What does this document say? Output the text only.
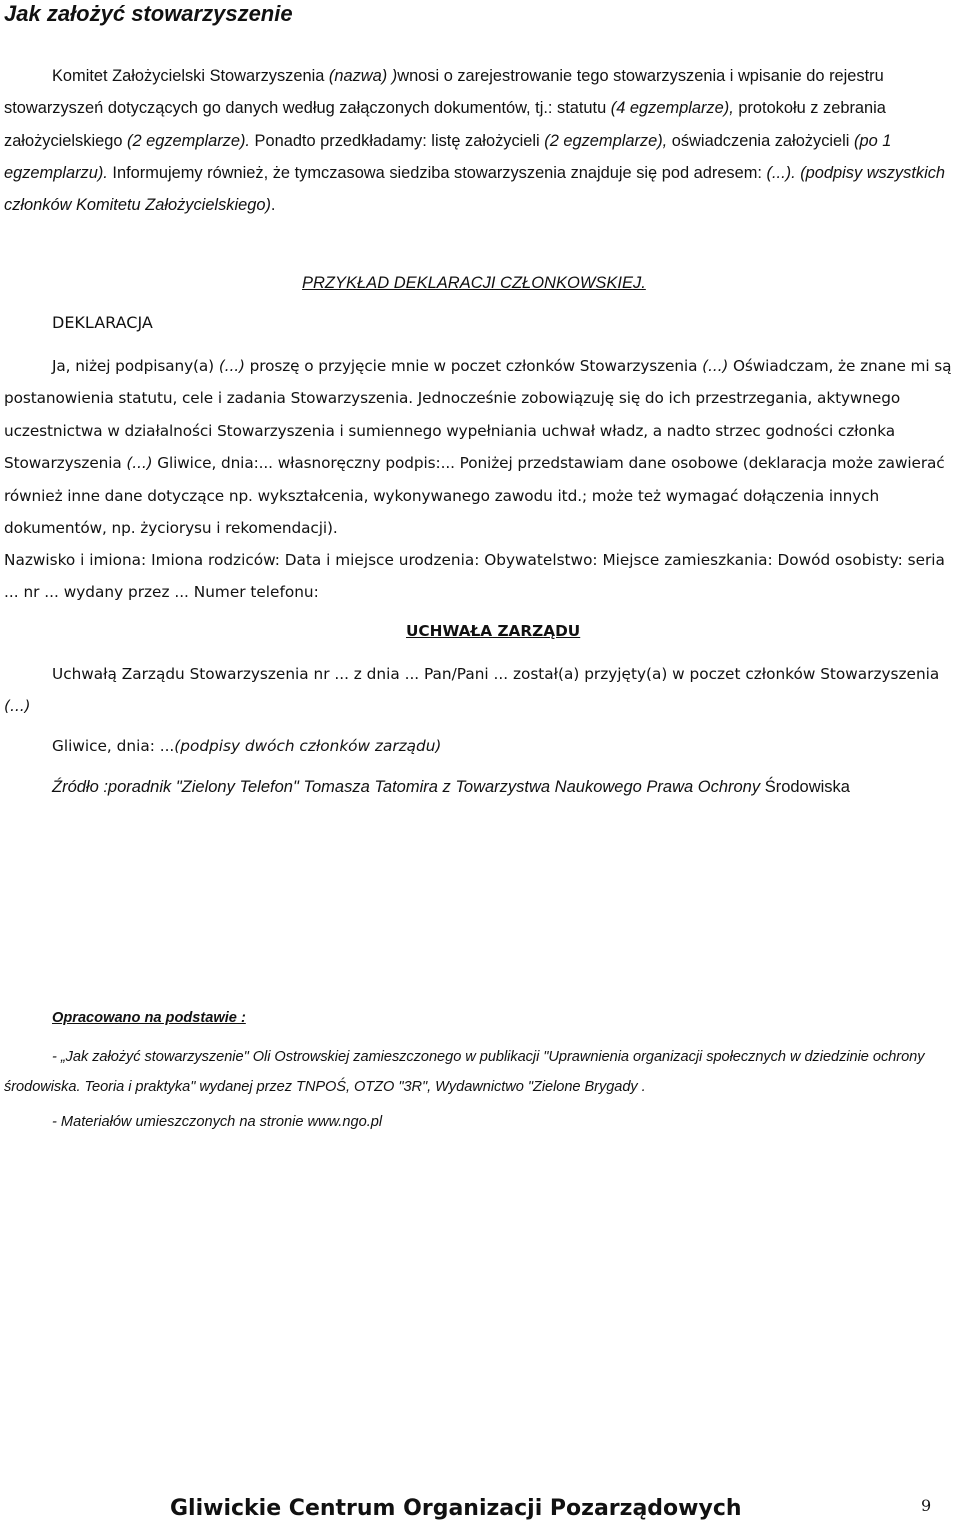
Jak założyć stowarzyszenie
Komitet Założycielski Stowarzyszenia (nazwa) )wnosi o zarejestrowanie tego stowarzyszenia i wpisanie do rejestru stowarzyszeń dotyczących go danych według załączonych dokumentów, tj.: statutu (4 egzemplarze), protokołu z zebrania założycielskiego (2 egzemplarze). Ponadto przedkładamy: listę założycieli (2 egzemplarze), oświadczenia założycieli (po 1 egzemplarzu). Informujemy również, że tymczasowa siedziba stowarzyszenia znajduje się pod adresem: (...). (podpisy wszystkich członków Komitetu Założycielskiego).
PRZYKŁAD DEKLARACJI CZŁONKOWSKIEJ.
DEKLARACJA
Ja, niżej podpisany(a) (...) proszę o przyjęcie mnie w poczet członków Stowarzyszenia (...) Oświadczam, że znane mi są postanowienia statutu, cele i zadania Stowarzyszenia. Jednocześnie zobowiązuję się do ich przestrzegania, aktywnego uczestnictwa w działalności Stowarzyszenia i sumiennego wypełniania uchwał władz, a nadto strzec godności członka Stowarzyszenia (...) Gliwice, dnia:... własnoręczny podpis:... Poniżej przedstawiam dane osobowe (deklaracja może zawierać również inne dane dotyczące np. wykształcenia, wykonywanego zawodu itd.; może też wymagać dołączenia innych dokumentów, np. życiorysu i rekomendacji).
Nazwisko i imiona: Imiona rodziców: Data i miejsce urodzenia: Obywatelstwo: Miejsce zamieszkania: Dowód osobisty: seria ... nr ... wydany przez ... Numer telefonu:
UCHWAŁA ZARZĄDU
Uchwałą Zarządu Stowarzyszenia nr ... z dnia ... Pan/Pani ... został(a) przyjęty(a) w poczet członków Stowarzyszenia (...)
Gliwice, dnia: ...(podpisy dwóch członków zarządu)
Źródło :poradnik "Zielony Telefon" Tomasza Tatomira z Towarzystwa Naukowego Prawa Ochrony Środowiska
Opracowano na podstawie :
- „Jak założyć stowarzyszenie" Oli Ostrowskiej zamieszczonego w publikacji "Uprawnienia organizacji społecznych w dziedzinie ochrony środowiska. Teoria i praktyka" wydanej przez TNPOŚ, OTZO "3R", Wydawnictwo "Zielone Brygady .
- Materiałów umieszczonych na stronie www.ngo.pl
Gliwickie Centrum Organizacji Pozarządowych	9
